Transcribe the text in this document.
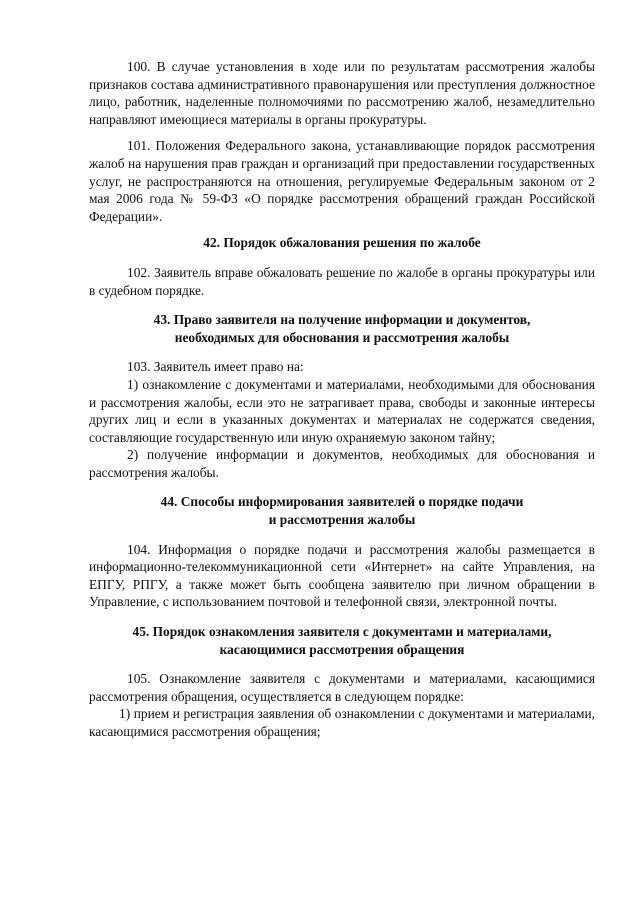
100. В случае установления в ходе или по результатам рассмотрения жалобы признаков состава административного правонарушения или преступления должностное лицо, работник, наделенные полномочиями по рассмотрению жалоб, незамедлительно направляют имеющиеся материалы в органы прокуратуры.

101. Положения Федерального закона, устанавливающие порядок рассмотрения жалоб на нарушения прав граждан и организаций при предоставлении государственных услуг, не распространяются на отношения, регулируемые Федеральным законом от 2 мая 2006 года № 59-ФЗ «О порядке рассмотрения обращений граждан Российской Федерации».

42. Порядок обжалования решения по жалобе

102. Заявитель вправе обжаловать решение по жалобе в органы прокуратуры или в судебном порядке.

43. Право заявителя на получение информации и документов,
необходимых для обоснования и рассмотрения жалобы

103. Заявитель имеет право на:

1) ознакомление с документами и материалами, необходимыми для обоснования и рассмотрения жалобы, если это не затрагивает права, свободы и законные интересы других лиц и если в указанных документах и материалах не содержатся сведения, составляющие государственную или иную охраняемую законом тайну;

2) получение информации и документов, необходимых для обоснования и рассмотрения жалобы.

44. Способы информирования заявителей о порядке подачи
и рассмотрения жалобы

104. Информация о порядке подачи и рассмотрения жалобы размещается в информационно-телекоммуникационной сети «Интернет» на сайте Управления, на ЕПГУ, РПГУ, а также может быть сообщена заявителю при личном обращении в Управление, с использованием почтовой и телефонной связи, электронной почты.

45. Порядок ознакомления заявителя с документами и материалами,
касающимися рассмотрения обращения

105. Ознакомление заявителя с документами и материалами, касающимися рассмотрения обращения, осуществляется в следующем порядке:

1) прием и регистрация заявления об ознакомлении с документами и материалами, касающимися рассмотрения обращения;
